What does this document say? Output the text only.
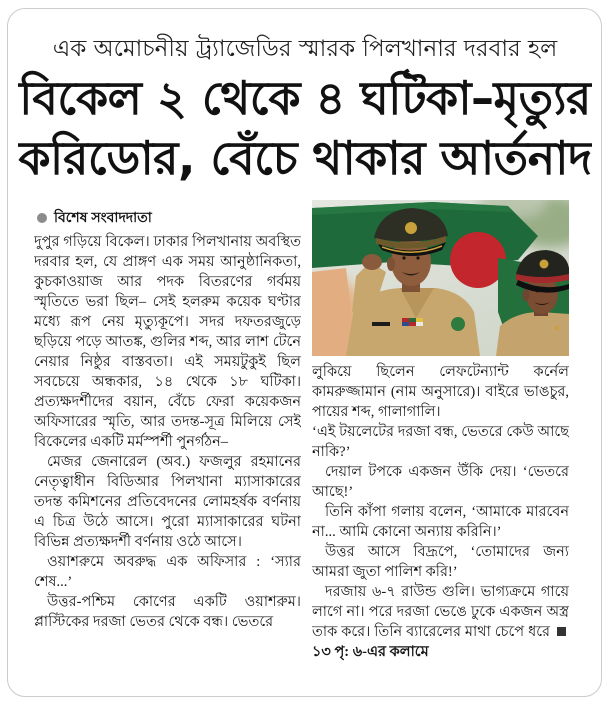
এক অমোচনীয় ট্র্যাজেডির স্মারক পিলখানার দরবার হল
বিকেল ২ থেকে ৪ ঘটিকা–মৃত্যুর
করিডোর, বেঁচে থাকার আর্তনাদ
বিশেষ সংবাদদাতা

দুপুর গড়িয়ে বিকেল। ঢাকার পিলখানায় অবস্থিত দরবার হল, যে প্রাঙ্গণ এক সময় আনুষ্ঠানিকতা, কুচকাওয়াজ আর পদক বিতরণের গর্বময় স্মৃতিতে ভরা ছিল– সেই হলরুম কয়েক ঘণ্টার মধ্যে রূপ নেয় মৃত্যুকূপে। সদর দফতরজুড়ে ছড়িয়ে পড়ে আতঙ্ক, গুলির শব্দ, আর লাশ টেনে নেয়ার নিষ্ঠুর বাস্তবতা। এই সময়টুকুই ছিল সবচেয়ে অন্ধকার, ১৪ থেকে ১৮ ঘটিকা। প্রত্যক্ষদর্শীদের বয়ান, বেঁচে ফেরা কয়েকজন অফিসারের স্মৃতি, আর তদন্ত-সূত্র মিলিয়ে সেই বিকেলের একটি মর্মস্পর্শী পুনর্গঠন–

মেজর জেনারেল (অব.) ফজলুর রহমানের নেতৃত্বাধীন বিডিআর পিলখানা ম্যাসাকারের তদন্ত কমিশনের প্রতিবেদনের লোমহর্ষক বর্ণনায় এ চিত্র উঠে আসে। পুরো ম্যাসাকারের ঘটনা বিভিন্ন প্রত্যক্ষদর্শী বর্ণনায় ওঠে আসে।

ওয়াশরুমে অবরুদ্ধ এক অফিসার : ‘স্যার শেষ...’

উত্তর-পশ্চিম কোণের একটি ওয়াশরুম। প্লাস্টিকের দরজা ভেতর থেকে বন্ধ। ভেতরে

লুকিয়ে ছিলেন লেফটেন্যান্ট কর্নেল কামরুজ্জামান (নাম অনুসারে)। বাইরে ভাঙচুর, পায়ের শব্দ, গালাগালি।

‘এই টয়লেটের দরজা বন্ধ, ভেতরে কেউ আছে নাকি?’

দেয়াল টপকে একজন উঁকি দেয়। ‘ভেতরে আছে!’

তিনি কাঁপা গলায় বলেন, ‘আমাকে মারবেন না... আমি কোনো অন্যায় করিনি।’

উত্তর আসে বিদ্রূপে, ‘তোমাদের জন্য আমরা জুতা পালিশ করি!’

দরজায় ৬-৭ রাউন্ড গুলি। ভাগ্যক্রমে গায়ে লাগে না। পরে দরজা ভেঙে ঢুকে একজন অস্ত্র তাক করে। তিনি ব্যারেলের মাথা চেপে ধরে  ১৩ পৃ: ৬-এর কলামে
